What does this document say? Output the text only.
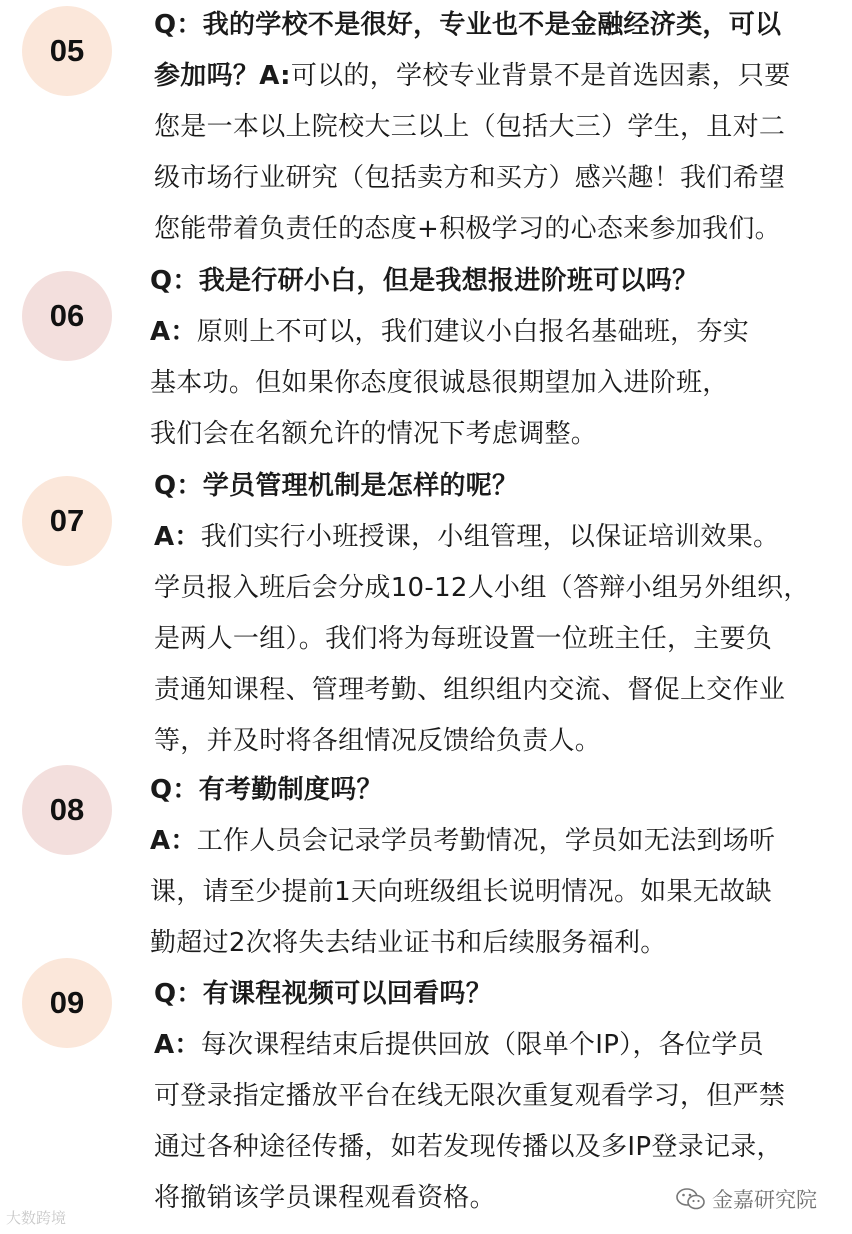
05
Q：我的学校不是很好，专业也不是金融经济类，可以
参加吗？A:可以的，学校专业背景不是首选因素，只要
您是一本以上院校大三以上（包括大三）学生，且对二
级市场行业研究（包括卖方和买方）感兴趣！我们希望
您能带着负责任的态度+积极学习的心态来参加我们。
06
Q：我是行研小白，但是我想报进阶班可以吗？
A：原则上不可以，我们建议小白报名基础班，夯实
基本功。但如果你态度很诚恳很期望加入进阶班，
我们会在名额允许的情况下考虑调整。
07
Q：学员管理机制是怎样的呢？
A：我们实行小班授课，小组管理，以保证培训效果。
学员报入班后会分成10-12人小组（答辩小组另外组织，
是两人一组）。我们将为每班设置一位班主任，主要负
责通知课程、管理考勤、组织组内交流、督促上交作业
等，并及时将各组情况反馈给负责人。
08
Q：有考勤制度吗？
A：工作人员会记录学员考勤情况，学员如无法到场听
课，请至少提前1天向班级组长说明情况。如果无故缺
勤超过2次将失去结业证书和后续服务福利。
09	Q：有课程视频可以回看吗？
A：每次课程结束后提供回放（限单个IP），各位学员
可登录指定播放平台在线无限次重复观看学习，但严禁
通过各种途径传播，如若发现传播以及多IP登录记录，
将撤销该学员课程观看资格。
大数跨境
金嘉研究院
